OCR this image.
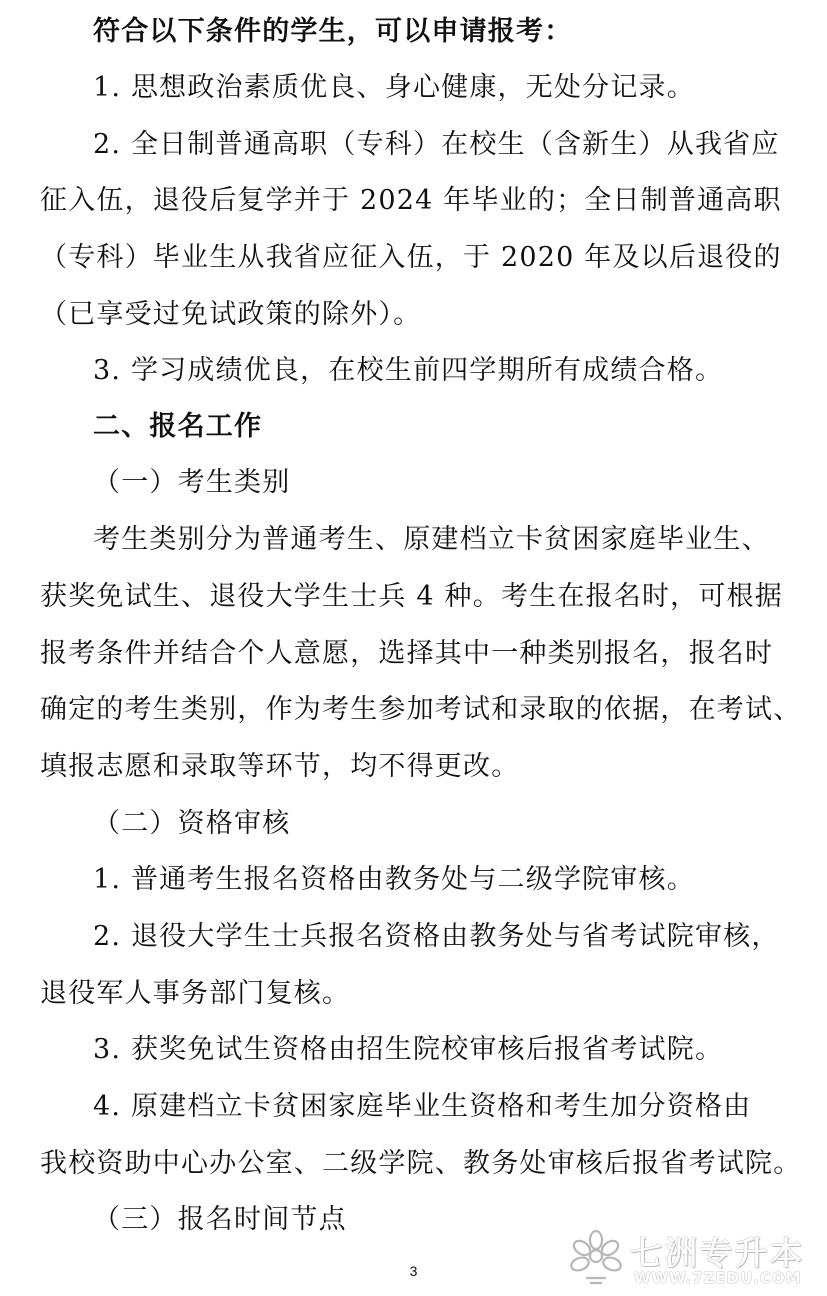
符合以下条件的学生，可以申请报考：
1. 思想政治素质优良、身心健康，无处分记录。
2. 全日制普通高职（专科）在校生（含新生）从我省应
征入伍，退役后复学并于 2024 年毕业的；全日制普通高职
（专科）毕业生从我省应征入伍，于 2020 年及以后退役的
（已享受过免试政策的除外）。
3. 学习成绩优良，在校生前四学期所有成绩合格。
二、报名工作
（一）考生类别
考生类别分为普通考生、原建档立卡贫困家庭毕业生、
获奖免试生、退役大学生士兵 4 种。考生在报名时，可根据
报考条件并结合个人意愿，选择其中一种类别报名，报名时
确定的考生类别，作为考生参加考试和录取的依据，在考试、
填报志愿和录取等环节，均不得更改。
（二）资格审核
1. 普通考生报名资格由教务处与二级学院审核。
2. 退役大学生士兵报名资格由教务处与省考试院审核，
退役军人事务部门复核。
3. 获奖免试生资格由招生院校审核后报省考试院。
4. 原建档立卡贫困家庭毕业生资格和考生加分资格由
我校资助中心办公室、二级学院、教务处审核后报省考试院。
（三）报名时间节点
3	七洲专升本
WWW.7ZEDU.COM
